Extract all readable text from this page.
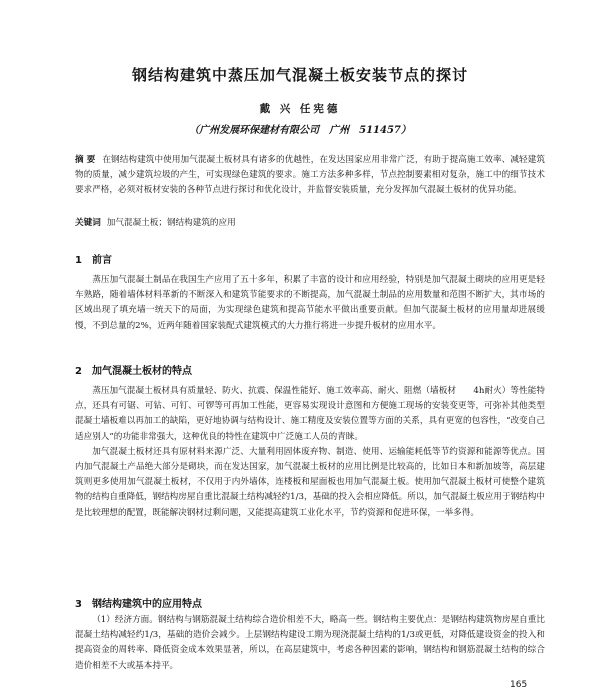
钢结构建筑中蒸压加气混凝土板安装节点的探讨
戴 兴 任宪德
（广州发展环保建材有限公司　广州　511457）
摘要 在钢结构建筑中使用加气混凝土板材具有诸多的优越性，在发达国家应用非常广泛，有助于提高施工效率、减轻建筑物的质量，减少建筑垃圾的产生，可实现绿色建筑的要求。施工方法多种多样，节点控制要素相对复杂，施工中的细节技术要求严格，必须对板材安装的各种节点进行探讨和优化设计，并监督安装质量，充分发挥加气混凝土板材的优异功能。
关键词 加气混凝土板；钢结构建筑的应用
1 前言

蒸压加气混凝土制品在我国生产应用了五十多年，积累了丰富的设计和应用经验，特别是加气混凝土砌块的应用更是轻车熟路，随着墙体材料革新的不断深入和建筑节能要求的不断提高，加气混凝土制品的应用数量和范围不断扩大，其市场的区域出现了填充墙一统天下的局面，为实现绿色建筑和提高节能水平做出重要贡献。但加气混凝土板材的应用量却进展缓慢，不到总量的2%，近两年随着国家装配式建筑模式的大力推行将进一步提升板材的应用水平。

2 加气混凝土板材的特点

蒸压加气混凝土板材具有质量轻、防火、抗震、保温性能好、施工效率高、耐火、阻燃（墙板材　　4h耐火）等性能特点，还具有可锯、可钻、可钉、可锣等可再加工性能，更容易实现设计意图和方便施工现场的安装变更等，可弥补其他类型混凝土墙板难以再加工的缺陷，更好地协调与结构设计、施工精度及安装位置等方面的关系，具有更宽的包容性，“改变自己适应别人”的功能非常强大，这种优良的特性在建筑中广泛施工人员的青睐。

加气混凝土板材还具有原材料来源广泛、大量利用固体废弃物、制造、使用、运输能耗低等节约资源和能源等优点。国内加气混凝土产品绝大部分是砌块，而在发达国家，加气混凝土板材的应用比例是比较高的，比如日本和新加坡等，高层建筑则更多使用加气混凝土板材，不仅用于内外墙体，连楼板和屋面板也用加气混凝土板。使用加气混凝土板材可使整个建筑物的结构自重降低，钢结构房屋自重比混凝土结构减轻约1/3，基础的投入会相应降低。所以，加气混凝土板应用于钢结构中是比较理想的配置，既能解决钢材过剩问题，又能提高建筑工业化水平，节约资源和促进环保，一举多得。

3 钢结构建筑中的应用特点

（1）经济方面。钢结构与钢筋混凝土结构综合造价相差不大，略高一些。钢结构主要优点：是钢结构建筑物房屋自重比混凝土结构减轻约1/3，基础的造价会减少。上层钢结构建设工期为现浇混凝土结构的1/3或更低，对降低建设资金的投入和提高资金的周转率、降低资金成本效果显著，所以，在高层建筑中，考虑各种因素的影响，钢结构和钢筋混凝土结构的综合造价相差不大或基本持平。

165
